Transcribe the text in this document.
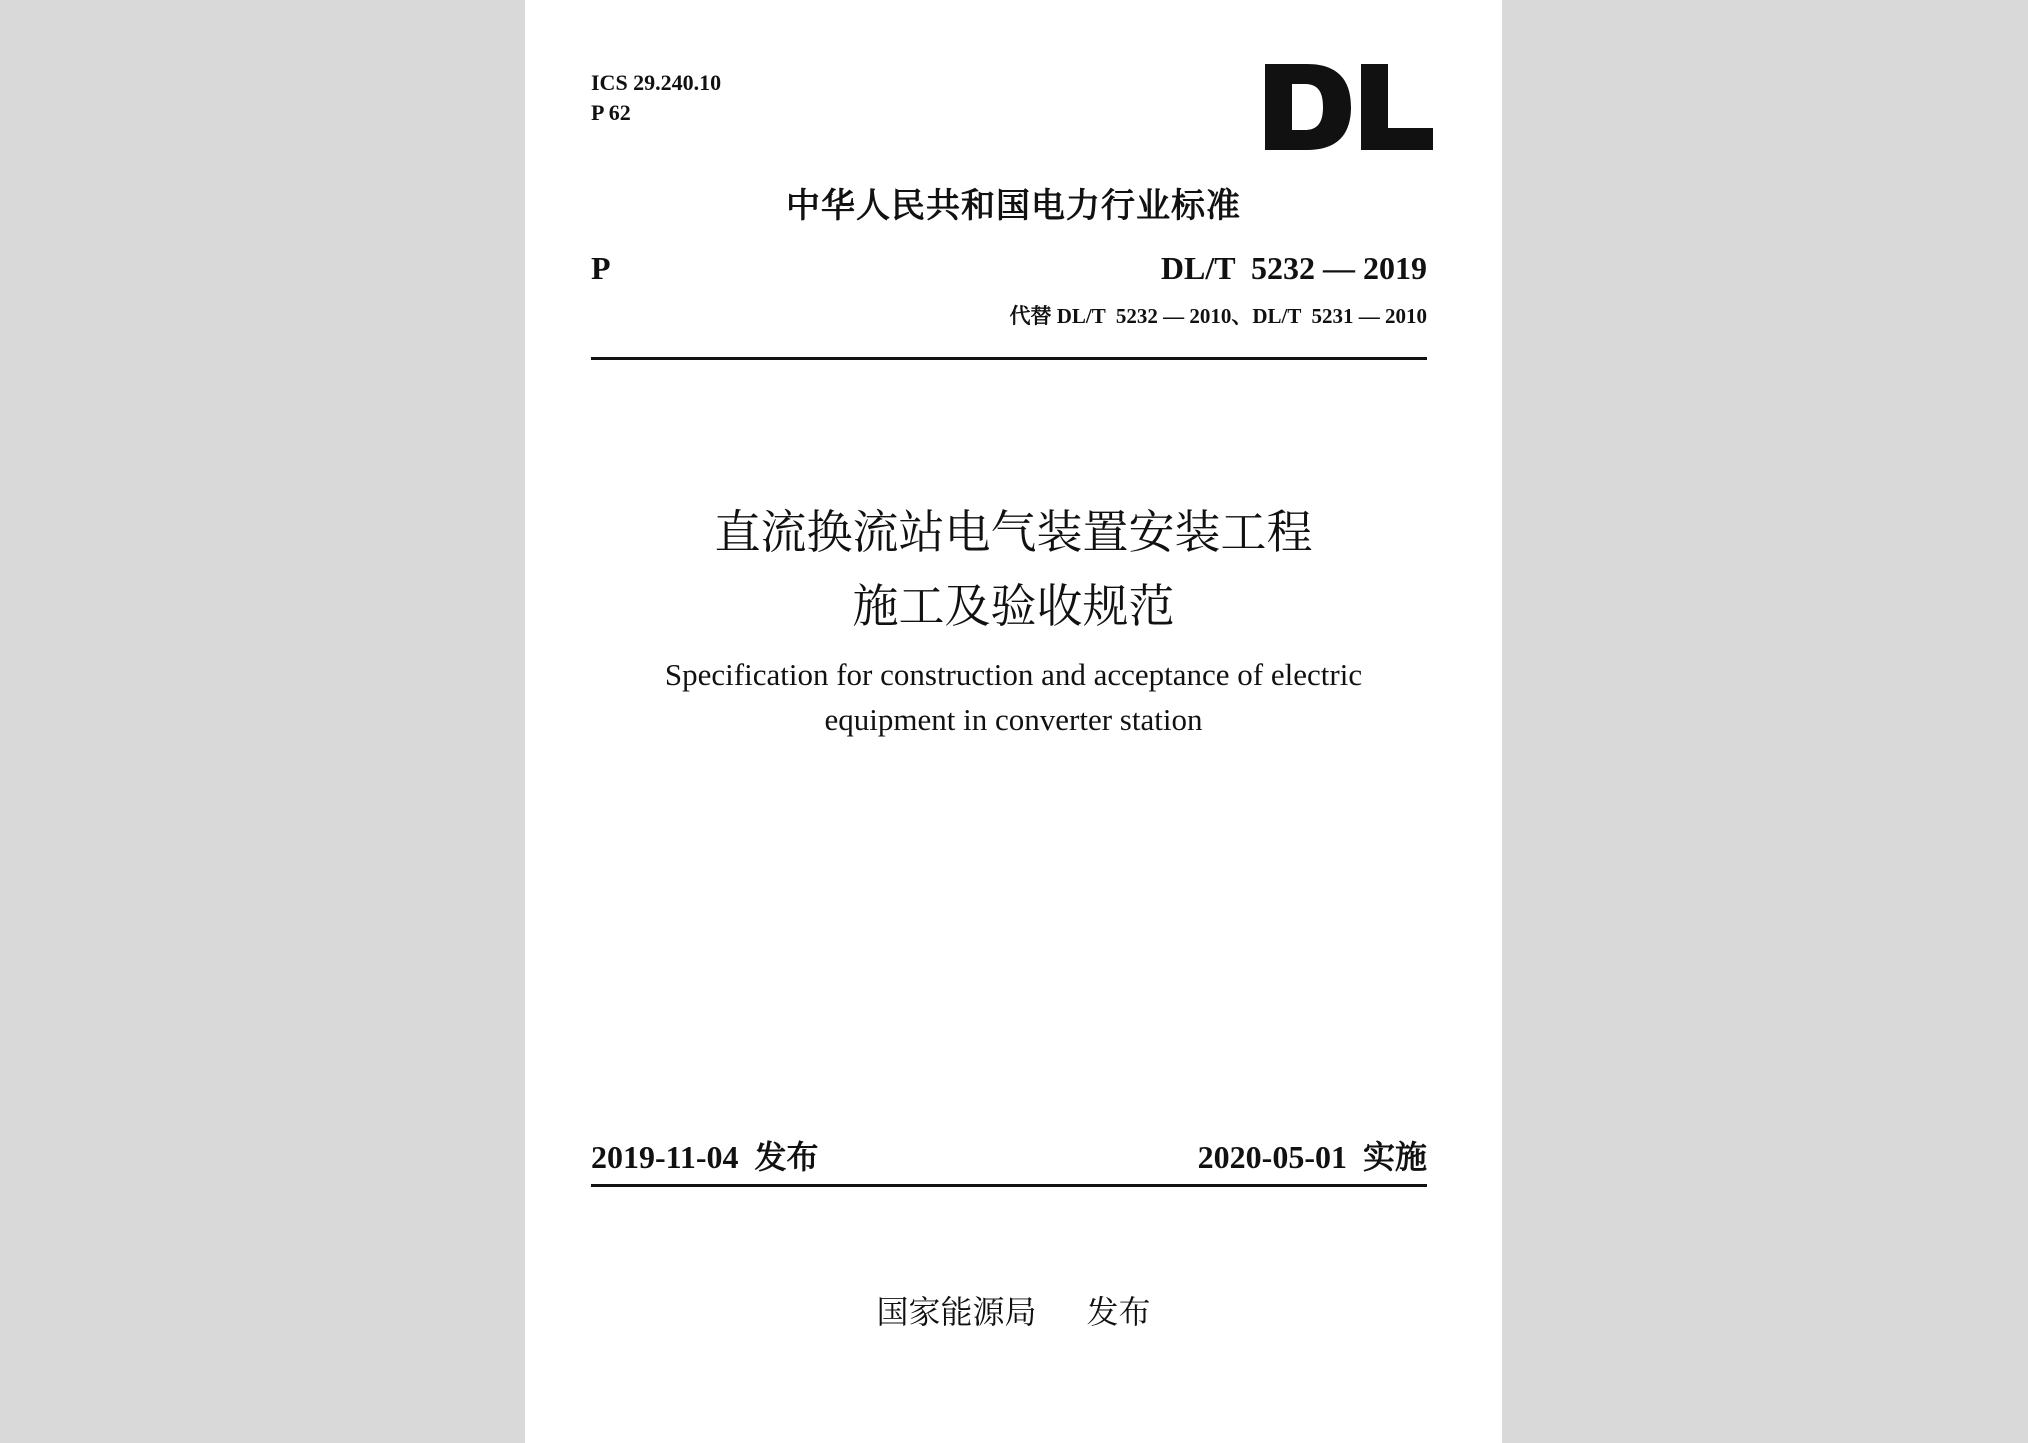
ICS 29.240.10
P 62
中华人民共和国电力行业标准
P	DL/T  5232 — 2019
代替 DL/T  5232 — 2010、DL/T  5231 — 2010
直流换流站电气装置安装工程
施工及验收规范
Specification for construction and acceptance of electric
equipment in converter station
2019-11-04  发布	2020-05-01  实施
国家能源局 发布
